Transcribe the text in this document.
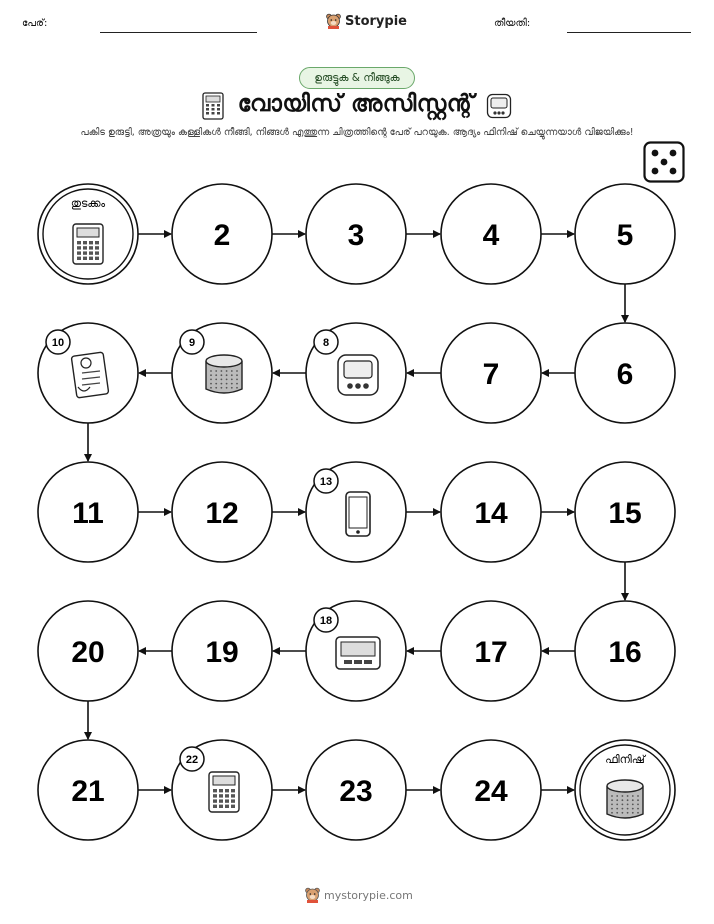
പേര്:	Storypie	തീയതി:
ഉരുട്ടുക & നീങ്ങുക
വോയിസ് അസിസ്റ്റന്റ്
പകിട ഉരുട്ടി, അത്രയും കള്ളികൾ നീങ്ങി, നിങ്ങൾ എത്തുന്ന ചിത്രത്തിന്റെ പേര് പറയുക. ആദ്യം ഫിനിഷ് ചെയ്യുന്നയാൾ വിജയിക്കും!
തുടക്കം
2	3	4	5
6
7
8
9
10
11	12
13
14	15
16
17
18
19
20
21
22
23	24
ഫിനിഷ്
mystorypie.com
